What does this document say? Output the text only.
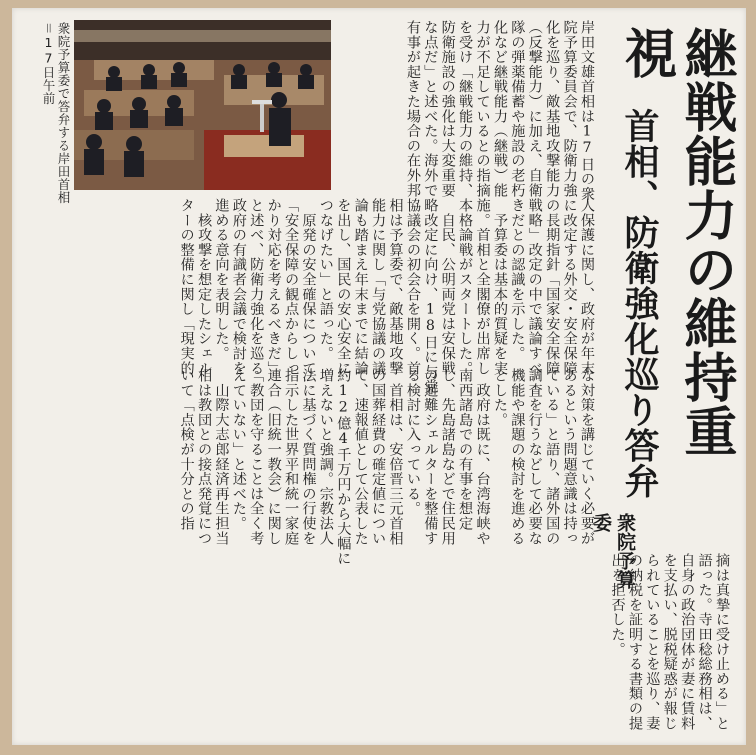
継戦能力の維持重視
首相、防衛強化巡り答弁
衆院予算委
衆院予算委で答弁する岸田首相
＝17日午前	岸田文雄首相は17日の衆
院予算委員会で、防衛力強
化を巡り、敵基地攻撃能力
（反撃能力）に加え、自衛
隊の弾薬備蓄や施設の老朽
化など継戦能力（継戦）能
力が不足しているとの指摘
を受け「継戦能力の維持、
防衛施設の強化は大変重要
な点だ」と述べた。海外で
有事が起きた場合の在外邦
人保護に関し、政府が年末
に改定する外交・安全保障
の長期指針「国家安全保障
戦略」改定の中で議論すべ
きだとの認識を示した。
　予算委は基本的質疑を実
施。首相と全閣僚が出席し
本格論戦がスタートした。
　自民、公明両党は安保戦
略改定に向け、18日に与党
協議会の初会合を開く。首
相は予算委で、敵基地攻撃
能力に関し「与党協議の議
論も踏まえ年末までに結論
を出し、国民の安心安全に
つなげたい」と語った。
　原発の安全確保について
「安全保障の観点からしっ
かり対応を考えるべきだ」
と述べ、防衛力強化を巡る
政府の有識者会議で検討を
進める意向を表明した。
　核攻撃を想定したシェル
ターの整備に関し「現実的
な対策を講じていく必要が
あるという問題意識は持っ
ている」と語り、諸外国の
調査を行うなどして必要な
機能や課題の検討を進める
とした。
　政府は既に、台湾海峡や
南西諸島での有事を想定
し、先島諸島などで住民用
の避難シェルターを整備す
る検討に入っている。
　首相は、安倍晋三元首相
の国葬経費の確定値につい
て、速報値として公表した
約12億4千万円から大幅に
増えないと強調。宗教法人
法に基づく質問権の行使を
指示した世界平和統一家庭
連合（旧統一教会）に関し
「教団を守ることは全く考
えていない」と述べた。
　山際大志郎経済再生担当
相は教団との接点発覚につ
いて「点検が十分との指
摘は真摯に受け止める」と
語った。寺田稔総務相は、
自身の政治団体が妻に賃料
を支払い、脱税疑惑が報じ
られていることを巡り、妻
の納税を証明する書類の提
出を拒否した。
